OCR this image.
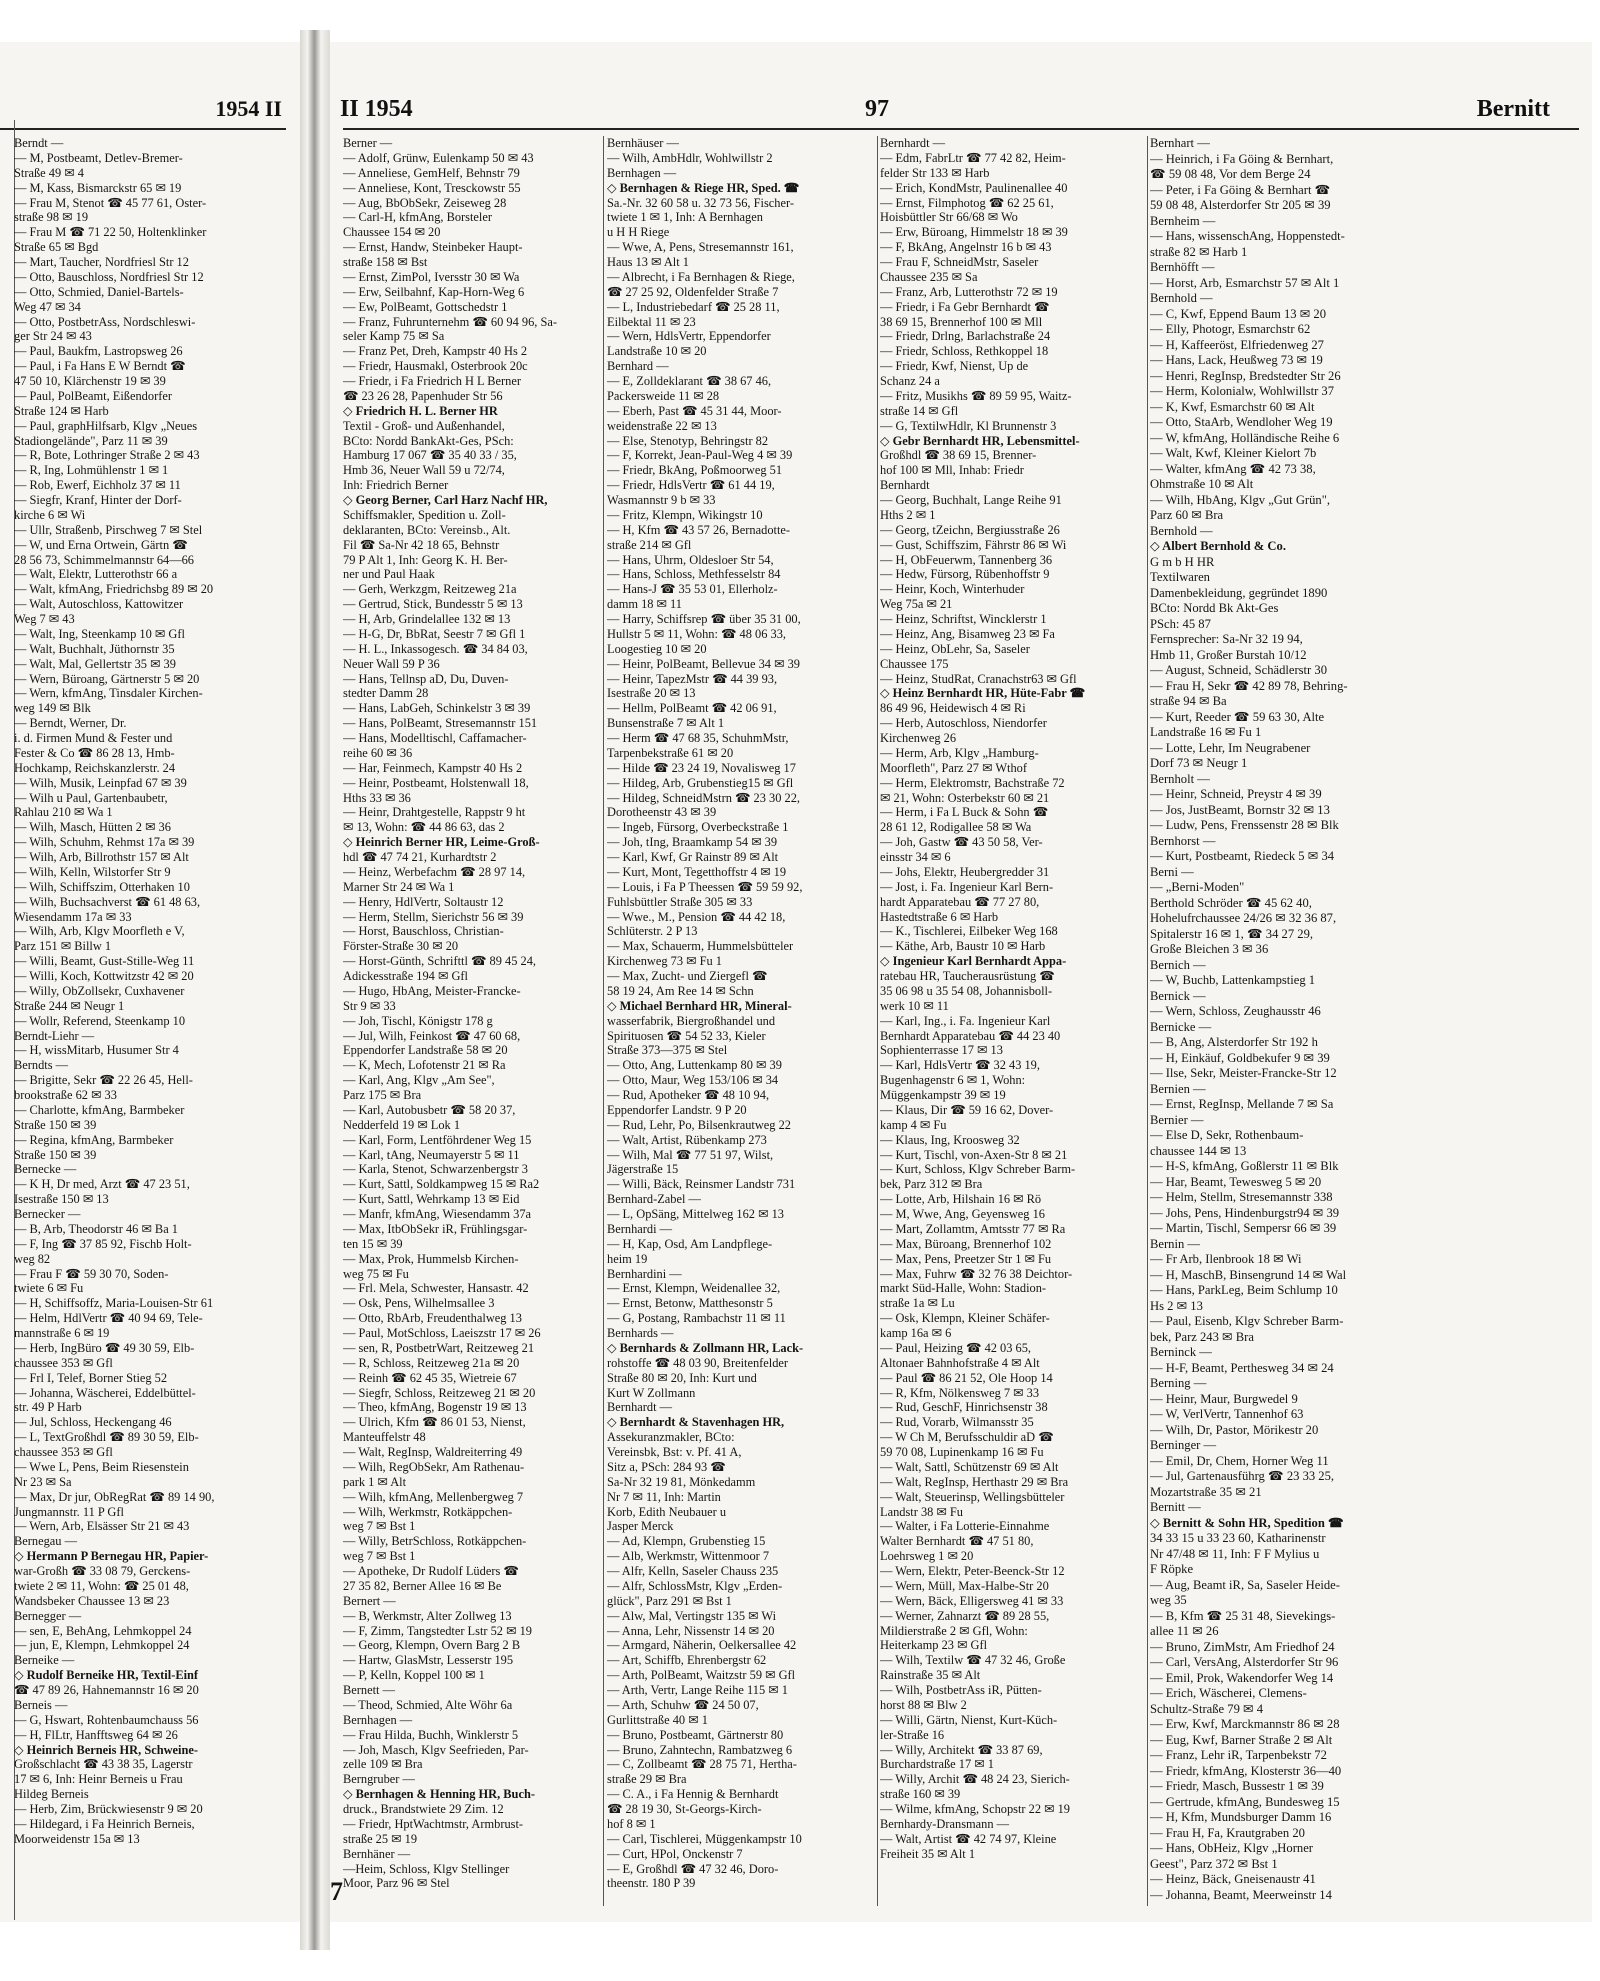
1954 II II 1954	97	Bernitt
Berndt —
— M, Postbeamt, Detlev-Bremer-
Straße 49 ✉ 4
— M, Kass, Bismarckstr 65 ✉ 19
— Frau M, Stenot ☎ 45 77 61, Oster-
straße 98 ✉ 19
— Frau M ☎ 71 22 50, Holtenklinker
Straße 65 ✉ Bgd
— Mart, Taucher, Nordfriesl Str 12
— Otto, Bauschloss, Nordfriesl Str 12
— Otto, Schmied, Daniel-Bartels-
Weg 47 ✉ 34
— Otto, PostbetrAss, Nordschleswi-
ger Str 24 ✉ 43
— Paul, Baukfm, Lastropsweg 26
— Paul, i Fa Hans E W Berndt ☎
47 50 10, Klärchenstr 19 ✉ 39
— Paul, PolBeamt, Eißendorfer
Straße 124 ✉ Harb
— Paul, graphHilfsarb, Klgv „Neues
Stadiongelände", Parz 11 ✉ 39
— R, Bote, Lothringer Straße 2 ✉ 43
— R, Ing, Lohmühlenstr 1 ✉ 1
— Rob, Ewerf, Eichholz 37 ✉ 11
— Siegfr, Kranf, Hinter der Dorf-
kirche 6 ✉ Wi
— Ullr, Straßenb, Pirschweg 7 ✉ Stel
— W, und Erna Ortwein, Gärtn ☎
28 56 73, Schimmelmannstr 64—66
— Walt, Elektr, Lutterothstr 66 a
— Walt, kfmAng, Friedrichsbg 89 ✉ 20
— Walt, Autoschloss, Kattowitzer
Weg 7 ✉ 43
— Walt, Ing, Steenkamp 10 ✉ Gfl
— Walt, Buchhalt, Jüthornstr 35
— Walt, Mal, Gellertstr 35 ✉ 39
— Wern, Büroang, Gärtnerstr 5 ✉ 20
— Wern, kfmAng, Tinsdaler Kirchen-
weg 149 ✉ Blk
— Berndt, Werner, Dr.
i. d. Firmen Mund & Fester und
Fester & Co ☎ 86 28 13, Hmb-
Hochkamp, Reichskanzlerstr. 24
— Wilh, Musik, Leinpfad 67 ✉ 39
— Wilh u Paul, Gartenbaubetr,
Rahlau 210 ✉ Wa 1
— Wilh, Masch, Hütten 2 ✉ 36
— Wilh, Schuhm, Rehmst 17a ✉ 39
— Wilh, Arb, Billrothstr 157 ✉ Alt
— Wilh, Kelln, Wilstorfer Str 9
— Wilh, Schiffszim, Otterhaken 10
— Wilh, Buchsachverst ☎ 61 48 63,
Wiesendamm 17a ✉ 33
— Wilh, Arb, Klgv Moorfleth e V,
Parz 151 ✉ Billw 1
— Willi, Beamt, Gust-Stille-Weg 11
— Willi, Koch, Kottwitzstr 42 ✉ 20
— Willy, ObZollsekr, Cuxhavener
Straße 244 ✉ Neugr 1
— Wollr, Referend, Steenkamp 10
Berndt-Liehr —
— H, wissMitarb, Husumer Str 4
Berndts —
— Brigitte, Sekr ☎ 22 26 45, Hell-
brookstraße 62 ✉ 33
— Charlotte, kfmAng, Barmbeker
Straße 150 ✉ 39
— Regina, kfmAng, Barmbeker
Straße 150 ✉ 39
Bernecke —
— K H, Dr med, Arzt ☎ 47 23 51,
Isestraße 150 ✉ 13
Bernecker —
— B, Arb, Theodorstr 46 ✉ Ba 1
— F, Ing ☎ 37 85 92, Fischb Holt-
weg 82
— Frau F ☎ 59 30 70, Soden-
twiete 6 ✉ Fu
— H, Schiffsoffz, Maria-Louisen-Str 61
— Helm, HdlVertr ☎ 40 94 69, Tele-
mannstraße 6 ✉ 19
— Herb, IngBüro ☎ 49 30 59, Elb-
chaussee 353 ✉ Gfl
— Frl I, Telef, Borner Stieg 52
— Johanna, Wäscherei, Eddelbüttel-
str. 49 P Harb
— Jul, Schloss, Heckengang 46
— L, TextGroßhdl ☎ 89 30 59, Elb-
chaussee 353 ✉ Gfl
— Wwe L, Pens, Beim Riesenstein
Nr 23 ✉ Sa
— Max, Dr jur, ObRegRat ☎ 89 14 90,
Jungmannstr. 11 P Gfl
— Wern, Arb, Elsässer Str 21 ✉ 43
Bernegau —
◇ Hermann P Bernegau HR, Papier-
war-Großh ☎ 33 08 79, Gerckens-
twiete 2 ✉ 11, Wohn: ☎ 25 01 48,
Wandsbeker Chaussee 13 ✉ 23
Bernegger —
— sen, E, BehAng, Lehmkoppel 24
— jun, E, Klempn, Lehmkoppel 24
Berneike —
◇ Rudolf Berneike HR, Textil-Einf
☎ 47 89 26, Hahnemannstr 16 ✉ 20
Berneis —
— G, Hswart, Rohtenbaumchauss 56
— H, FlLtr, Hanfftsweg 64 ✉ 26
◇ Heinrich Berneis HR, Schweine-
Großschlacht ☎ 43 38 35, Lagerstr
17 ✉ 6, Inh: Heinr Berneis u Frau
Hildeg Berneis
— Herb, Zim, Brückwiesenstr 9 ✉ 20
— Hildegard, i Fa Heinrich Berneis,
Moorweidenstr 15a ✉ 13
Berner —
— Adolf, Grünw, Eulenkamp 50 ✉ 43
— Anneliese, GemHelf, Behnstr 79
— Anneliese, Kont, Tresckowstr 55
— Aug, BbObSekr, Zeiseweg 28
— Carl-H, kfmAng, Borsteler
Chaussee 154 ✉ 20
— Ernst, Handw, Steinbeker Haupt-
straße 158 ✉ Bst
— Ernst, ZimPol, Iversstr 30 ✉ Wa
— Erw, Seilbahnf, Kap-Horn-Weg 6
— Ew, PolBeamt, Gottschedstr 1
— Franz, Fuhrunternehm ☎ 60 94 96, Sa-
seler Kamp 75 ✉ Sa
— Franz Pet, Dreh, Kampstr 40 Hs 2
— Friedr, Hausmakl, Osterbrook 20c
— Friedr, i Fa Friedrich H L Berner
☎ 23 26 28, Papenhuder Str 56
◇ Friedrich H. L. Berner HR
Textil - Groß- und Außenhandel,
BCto: Nordd BankAkt-Ges, PSch:
Hamburg 17 067 ☎ 35 40 33 / 35,
Hmb 36, Neuer Wall 59 u 72/74,
Inh: Friedrich Berner
◇ Georg Berner, Carl Harz Nachf HR,
Schiffsmakler, Spedition u. Zoll-
deklaranten, BCto: Vereinsb., Alt.
Fil ☎ Sa-Nr 42 18 65, Behnstr
79 P Alt 1, Inh: Georg K. H. Ber-
ner und Paul Haak
— Gerh, Werkzgm, Reitzeweg 21a
— Gertrud, Stick, Bundesstr 5 ✉ 13
— H, Arb, Grindelallee 132 ✉ 13
— H-G, Dr, BbRat, Seestr 7 ✉ Gfl 1
— H. L., Inkassogesch. ☎ 34 84 03,
Neuer Wall 59 P 36
— Hans, Tellnsp aD, Du, Duven-
stedter Damm 28
— Hans, LabGeh, Schinkelstr 3 ✉ 39
— Hans, PolBeamt, Stresemannstr 151
— Hans, Modelltischl, Caffamacher-
reihe 60 ✉ 36
— Har, Feinmech, Kampstr 40 Hs 2
— Heinr, Postbeamt, Holstenwall 18,
Hths 33 ✉ 36
— Heinr, Drahtgestelle, Rappstr 9 ht
✉ 13, Wohn: ☎ 44 86 63, das 2
◇ Heinrich Berner HR, Leime-Groß-
hdl ☎ 47 74 21, Kurhardtstr 2
— Heinz, Werbefachm ☎ 28 97 14,
Marner Str 24 ✉ Wa 1
— Henry, HdlVertr, Soltaustr 12
— Herm, Stellm, Sierichstr 56 ✉ 39
— Horst, Bauschloss, Christian-
Förster-Straße 30 ✉ 20
— Horst-Günth, Schrifttl ☎ 89 45 24,
Adickesstraße 194 ✉ Gfl
— Hugo, HbAng, Meister-Francke-
Str 9 ✉ 33
— Joh, Tischl, Königstr 178 g
— Jul, Wilh, Feinkost ☎ 47 60 68,
Eppendorfer Landstraße 58 ✉ 20
— K, Mech, Lofotenstr 21 ✉ Ra
— Karl, Ang, Klgv „Am See",
Parz 175 ✉ Bra
— Karl, Autobusbetr ☎ 58 20 37,
Nedderfeld 19 ✉ Lok 1
— Karl, Form, Lentföhrdener Weg 15
— Karl, tAng, Neumayerstr 5 ✉ 11
— Karla, Stenot, Schwarzenbergstr 3
— Kurt, Sattl, Soldkampweg 15 ✉ Ra2
— Kurt, Sattl, Wehrkamp 13 ✉ Eid
— Manfr, kfmAng, Wiesendamm 37a
— Max, ItbObSekr iR, Frühlingsgar-
ten 15 ✉ 39
— Max, Prok, Hummelsb Kirchen-
weg 75 ✉ Fu
— Frl. Mela, Schwester, Hansastr. 42
— Osk, Pens, Wilhelmsallee 3
— Otto, RbArb, Freudenthalweg 13
— Paul, MotSchloss, Laeiszstr 17 ✉ 26
— sen, R, PostbetrWart, Reitzeweg 21
— R, Schloss, Reitzeweg 21a ✉ 20
— Reinh ☎ 62 45 35, Wietreie 67
— Siegfr, Schloss, Reitzeweg 21 ✉ 20
— Theo, kfmAng, Bogenstr 19 ✉ 13
— Ulrich, Kfm ☎ 86 01 53, Nienst,
Manteuffelstr 48
— Walt, RegInsp, Waldreiterring 49
— Wilh, RegObSekr, Am Rathenau-
park 1 ✉ Alt
— Wilh, kfmAng, Mellenbergweg 7
— Wilh, Werkmstr, Rotkäppchen-
weg 7 ✉ Bst 1
— Willy, BetrSchloss, Rotkäppchen-
weg 7 ✉ Bst 1
— Apotheke, Dr Rudolf Lüders ☎
27 35 82, Berner Allee 16 ✉ Be
Bernert —
— B, Werkmstr, Alter Zollweg 13
— F, Zimm, Tangstedter Lstr 52 ✉ 19
— Georg, Klempn, Overn Barg 2 B
— Hartw, GlasMstr, Lesserstr 195
— P, Kelln, Koppel 100 ✉ 1
Bernett —
— Theod, Schmied, Alte Wöhr 6a
Bernhagen —
— Frau Hilda, Buchh, Winklerstr 5
— Joh, Masch, Klgv Seefrieden, Par-
zelle 109 ✉ Bra
Berngruber —
◇ Bernhagen & Henning HR, Buch-
druck., Brandstwiete 29 Zim. 12
— Friedr, HptWachtmstr, Armbrust-
straße 25 ✉ 19
Bernhäner —
—Heim, Schloss, Klgv Stellinger
Moor, Parz 96 ✉ Stel
Bernhäuser —
— Wilh, AmbHdlr, Wohlwillstr 2
Bernhagen —
◇ Bernhagen & Riege HR, Sped. ☎
Sa.-Nr. 32 60 58 u. 32 73 56, Fischer-
twiete 1 ✉ 1, Inh: A Bernhagen
u H H Riege
— Wwe, A, Pens, Stresemannstr 161,
Haus 13 ✉ Alt 1
— Albrecht, i Fa Bernhagen & Riege,
☎ 27 25 92, Oldenfelder Straße 7
— L, Industriebedarf ☎ 25 28 11,
Eilbektal 11 ✉ 23
— Wern, HdlsVertr, Eppendorfer
Landstraße 10 ✉ 20
Bernhard —
— E, Zolldeklarant ☎ 38 67 46,
Packersweide 11 ✉ 28
— Eberh, Past ☎ 45 31 44, Moor-
weidenstraße 22 ✉ 13
— Else, Stenotyp, Behringstr 82
— F, Korrekt, Jean-Paul-Weg 4 ✉ 39
— Friedr, BkAng, Poßmoorweg 51
— Friedr, HdlsVertr ☎ 61 44 19,
Wasmannstr 9 b ✉ 33
— Fritz, Klempn, Wikingstr 10
— H, Kfm ☎ 43 57 26, Bernadotte-
straße 214 ✉ Gfl
— Hans, Uhrm, Oldesloer Str 54,
— Hans, Schloss, Methfesselstr 84
— Hans-J ☎ 35 53 01, Ellerholz-
damm 18 ✉ 11
— Harry, Schiffsrep ☎ über 35 31 00,
Hullstr 5 ✉ 11, Wohn: ☎ 48 06 33,
Loogestieg 10 ✉ 20
— Heinr, PolBeamt, Bellevue 34 ✉ 39
— Heinr, TapezMstr ☎ 44 39 93,
Isestraße 20 ✉ 13
— Hellm, PolBeamt ☎ 42 06 91,
Bunsenstraße 7 ✉ Alt 1
— Herm ☎ 47 68 35, SchuhmMstr,
Tarpenbekstraße 61 ✉ 20
— Hilde ☎ 23 24 19, Novalisweg 17
— Hildeg, Arb, Grubenstieg15 ✉ Gfl
— Hildeg, SchneidMstrn ☎ 23 30 22,
Dorotheenstr 43 ✉ 39
— Ingeb, Fürsorg, Overbeckstraße 1
— Joh, tIng, Braamkamp 54 ✉ 39
— Karl, Kwf, Gr Rainstr 89 ✉ Alt
— Kurt, Mont, Tegetthoffstr 4 ✉ 19
— Louis, i Fa P Theessen ☎ 59 59 92,
Fuhlsbüttler Straße 305 ✉ 33
— Wwe., M., Pension ☎ 44 42 18,
Schlüterstr. 2 P 13
— Max, Schauerm, Hummelsbütteler
Kirchenweg 73 ✉ Fu 1
— Max, Zucht- und Ziergefl ☎
58 19 24, Am Ree 14 ✉ Schn
◇ Michael Bernhard HR, Mineral-
wasserfabrik, Biergroßhandel und
Spirituosen ☎ 54 52 33, Kieler
Straße 373—375 ✉ Stel
— Otto, Ang, Luttenkamp 80 ✉ 39
— Otto, Maur, Weg 153/106 ✉ 34
— Rud, Apotheker ☎ 48 10 94,
Eppendorfer Landstr. 9 P 20
— Rud, Lehr, Po, Bilsenkrautweg 22
— Walt, Artist, Rübenkamp 273
— Wilh, Mal ☎ 77 51 97, Wilst,
Jägerstraße 15
— Willi, Bäck, Reinsmer Landstr 731
Bernhard-Zabel —
— L, OpSäng, Mittelweg 162 ✉ 13
Bernhardi —
— H, Kap, Osd, Am Landpflege-
heim 19
Bernhardini —
— Ernst, Klempn, Weidenallee 32,
— Ernst, Betonw, Matthesonstr 5
— G, Postang, Rambachstr 11 ✉ 11
Bernhards —
◇ Bernhards & Zollmann HR, Lack-
rohstoffe ☎ 48 03 90, Breitenfelder
Straße 80 ✉ 20, Inh: Kurt und
Kurt W Zollmann
Bernhardt —
◇ Bernhardt & Stavenhagen HR,
Assekuranzmakler, BCto:
Vereinsbk, Bst: v. Pf. 41 A,
Sitz a, PSch: 284 93 ☎
Sa-Nr 32 19 81, Mönkedamm
Nr 7 ✉ 11, Inh: Martin
Korb, Edith Neubauer u
Jasper Merck
— Ad, Klempn, Grubenstieg 15
— Alb, Werkmstr, Wittenmoor 7
— Alfr, Kelln, Saseler Chauss 235
— Alfr, SchlossMstr, Klgv „Erden-
glück", Parz 291 ✉ Bst 1
— Alw, Mal, Vertingstr 135 ✉ Wi
— Anna, Lehr, Nissenstr 14 ✉ 20
— Armgard, Näherin, Oelkersallee 42
— Art, Schiffb, Ehrenbergstr 62
— Arth, PolBeamt, Waitzstr 59 ✉ Gfl
— Arth, Vertr, Lange Reihe 115 ✉ 1
— Arth, Schuhw ☎ 24 50 07,
Gurlittstraße 40 ✉ 1
— Bruno, Postbeamt, Gärtnerstr 80
— Bruno, Zahntechn, Rambatzweg 6
— C, Zollbeamt ☎ 28 75 71, Hertha-
straße 29 ✉ Bra
— C. A., i Fa Hennig & Bernhardt
☎ 28 19 30, St-Georgs-Kirch-
hof 8 ✉ 1
— Carl, Tischlerei, Müggenkampstr 10
— Curt, HPol, Onckenstr 7
— E, Großhdl ☎ 47 32 46, Doro-
theenstr. 180 P 39
Bernhardt —
— Edm, FabrLtr ☎ 77 42 82, Heim-
felder Str 133 ✉ Harb
— Erich, KondMstr, Paulinenallee 40
— Ernst, Filmphotog ☎ 62 25 61,
Hoisbüttler Str 66/68 ✉ Wo
— Erw, Büroang, Himmelstr 18 ✉ 39
— F, BkAng, Angelnstr 16 b ✉ 43
— Frau F, SchneidMstr, Saseler
Chaussee 235 ✉ Sa
— Franz, Arb, Lutterothstr 72 ✉ 19
— Friedr, i Fa Gebr Bernhardt ☎
38 69 15, Brennerhof 100 ✉ Mll
— Friedr, Drlng, Barlachstraße 24
— Friedr, Schloss, Rethkoppel 18
— Friedr, Kwf, Nienst, Up de
Schanz 24 a
— Fritz, Musikhs ☎ 89 59 95, Waitz-
straße 14 ✉ Gfl
— G, TextilwHdlr, Kl Brunnenstr 3
◇ Gebr Bernhardt HR, Lebensmittel-
Großhdl ☎ 38 69 15, Brenner-
hof 100 ✉ Mll, Inhab: Friedr
Bernhardt
— Georg, Buchhalt, Lange Reihe 91
Hths 2 ✉ 1
— Georg, tZeichn, Bergiusstraße 26
— Gust, Schiffszim, Fährstr 86 ✉ Wi
— H, ObFeuerwm, Tannenberg 36
— Hedw, Fürsorg, Rübenhoffstr 9
— Heinr, Koch, Winterhuder
Weg 75a ✉ 21
— Heinz, Schriftst, Wincklerstr 1
— Heinz, Ang, Bisamweg 23 ✉ Fa
— Heinz, ObLehr, Sa, Saseler
Chaussee 175
— Heinz, StudRat, Cranachstr63 ✉ Gfl
◇ Heinz Bernhardt HR, Hüte-Fabr ☎
86 49 96, Heidewisch 4 ✉ Ri
— Herb, Autoschloss, Niendorfer
Kirchenweg 26
— Herm, Arb, Klgv „Hamburg-
Moorfleth", Parz 27 ✉ Wthof
— Herm, Elektromstr, Bachstraße 72
✉ 21, Wohn: Osterbekstr 60 ✉ 21
— Herm, i Fa L Buck & Sohn ☎
28 61 12, Rodigallee 58 ✉ Wa
— Joh, Gastw ☎ 43 50 58, Ver-
einsstr 34 ✉ 6
— Johs, Elektr, Heubergredder 31
— Jost, i. Fa. Ingenieur Karl Bern-
hardt Apparatebau ☎ 77 27 80,
Hastedtstraße 6 ✉ Harb
— K., Tischlerei, Eilbeker Weg 168
— Käthe, Arb, Baustr 10 ✉ Harb
◇ Ingenieur Karl Bernhardt Appa-
ratebau HR, Taucherausrüstung ☎
35 06 98 u 35 54 08, Johannisboll-
werk 10 ✉ 11
— Karl, Ing., i. Fa. Ingenieur Karl
Bernhardt Apparatebau ☎ 44 23 40
Sophienterrasse 17 ✉ 13
— Karl, HdlsVertr ☎ 32 43 19,
Bugenhagenstr 6 ✉ 1, Wohn:
Müggenkampstr 39 ✉ 19
— Klaus, Dir ☎ 59 16 62, Dover-
kamp 4 ✉ Fu
— Klaus, Ing, Kroosweg 32
— Kurt, Tischl, von-Axen-Str 8 ✉ 21
— Kurt, Schloss, Klgv Schreber Barm-
bek, Parz 312 ✉ Bra
— Lotte, Arb, Hilshain 16 ✉ Rö
— M, Wwe, Ang, Geyensweg 16
— Mart, Zollamtm, Amtsstr 77 ✉ Ra
— Max, Büroang, Brennerhof 102
— Max, Pens, Preetzer Str 1 ✉ Fu
— Max, Fuhrw ☎ 32 76 38 Deichtor-
markt Süd-Halle, Wohn: Stadion-
straße 1a ✉ Lu
— Osk, Klempn, Kleiner Schäfer-
kamp 16a ✉ 6
— Paul, Heizing ☎ 42 03 65,
Altonaer Bahnhofstraße 4 ✉ Alt
— Paul ☎ 86 21 52, Ole Hoop 14
— R, Kfm, Nölkensweg 7 ✉ 33
— Rud, GeschF, Hinrichsenstr 38
— Rud, Vorarb, Wilmansstr 35
— W Ch M, Berufsschuldir aD ☎
59 70 08, Lupinenkamp 16 ✉ Fu
— Walt, Sattl, Schützenstr 69 ✉ Alt
— Walt, RegInsp, Herthastr 29 ✉ Bra
— Walt, Steuerinsp, Wellingsbütteler
Landstr 38 ✉ Fu
— Walter, i Fa Lotterie-Einnahme
Walter Bernhardt ☎ 47 51 80,
Loehrsweg 1 ✉ 20
— Wern, Elektr, Peter-Beenck-Str 12
— Wern, Müll, Max-Halbe-Str 20
— Wern, Bäck, Elligersweg 41 ✉ 33
— Werner, Zahnarzt ☎ 89 28 55,
Mildierstraße 2 ✉ Gfl, Wohn:
Heiterkamp 23 ✉ Gfl
— Wilh, Textilw ☎ 47 32 46, Große
Rainstraße 35 ✉ Alt
— Wilh, PostbetrAss iR, Pütten-
horst 88 ✉ Blw 2
— Willi, Gärtn, Nienst, Kurt-Küch-
ler-Straße 16
— Willy, Architekt ☎ 33 87 69,
Burchardstraße 17 ✉ 1
— Willy, Archit ☎ 48 24 23, Sierich-
straße 160 ✉ 39
— Wilme, kfmAng, Schopstr 22 ✉ 19
Bernhardy-Dransmann —
— Walt, Artist ☎ 42 74 97, Kleine
Freiheit 35 ✉ Alt 1
Bernhart —
— Heinrich, i Fa Göing & Bernhart,
☎ 59 08 48, Vor dem Berge 24
— Peter, i Fa Göing & Bernhart ☎
59 08 48, Alsterdorfer Str 205 ✉ 39
Bernheim —
— Hans, wissenschAng, Hoppenstedt-
straße 82 ✉ Harb 1
Bernhöfft —
— Horst, Arb, Esmarchstr 57 ✉ Alt 1
Bernhold —
— C, Kwf, Eppend Baum 13 ✉ 20
— Elly, Photogr, Esmarchstr 62
— H, Kaffeeröst, Elfriedenweg 27
— Hans, Lack, Heußweg 73 ✉ 19
— Henri, RegInsp, Bredstedter Str 26
— Herm, Kolonialw, Wohlwillstr 37
— K, Kwf, Esmarchstr 60 ✉ Alt
— Otto, StaArb, Wendloher Weg 19
— W, kfmAng, Holländische Reihe 6
— Walt, Kwf, Kleiner Kielort 7b
— Walter, kfmAng ☎ 42 73 38,
Ohmstraße 10 ✉ Alt
— Wilh, HbAng, Klgv „Gut Grün",
Parz 60 ✉ Bra
Bernhold —
◇ Albert Bernhold & Co.
G m b H HR
Textilwaren
Damenbekleidung, gegründet 1890
BCto: Nordd Bk Akt-Ges
PSch: 45 87
Fernsprecher: Sa-Nr 32 19 94,
Hmb 11, Großer Burstah 10/12
— August, Schneid, Schädlerstr 30
— Frau H, Sekr ☎ 42 89 78, Behring-
straße 94 ✉ Ba
— Kurt, Reeder ☎ 59 63 30, Alte
Landstraße 16 ✉ Fu 1
— Lotte, Lehr, Im Neugrabener
Dorf 73 ✉ Neugr 1
Bernholt —
— Heinr, Schneid, Preystr 4 ✉ 39
— Jos, JustBeamt, Bornstr 32 ✉ 13
— Ludw, Pens, Frenssenstr 28 ✉ Blk
Bernhorst —
— Kurt, Postbeamt, Riedeck 5 ✉ 34
Berni —
— „Berni-Moden"
Berthold Schröder ☎ 45 62 40,
Hohelufrchaussee 24/26 ✉ 32 36 87,
Spitalerstr 16 ✉ 1, ☎ 34 27 29,
Große Bleichen 3 ✉ 36
Bernich —
— W, Buchb, Lattenkampstieg 1
Bernick —
— Wern, Schloss, Zeughausstr 46
Bernicke —
— B, Ang, Alsterdorfer Str 192 h
— H, Einkäuf, Goldbekufer 9 ✉ 39
— Ilse, Sekr, Meister-Francke-Str 12
Bernien —
— Ernst, RegInsp, Mellande 7 ✉ Sa
Bernier —
— Else D, Sekr, Rothenbaum-
chaussee 144 ✉ 13
— H-S, kfmAng, Goßlerstr 11 ✉ Blk
— Har, Beamt, Tewesweg 5 ✉ 20
— Helm, Stellm, Stresemannstr 338
— Johs, Pens, Hindenburgstr94 ✉ 39
— Martin, Tischl, Sempersr 66 ✉ 39
Bernin —
— Fr Arb, Ilenbrook 18 ✉ Wi
— H, MaschB, Binsengrund 14 ✉ Wal
— Hans, ParkLeg, Beim Schlump 10
Hs 2 ✉ 13
— Paul, Eisenb, Klgv Schreber Barm-
bek, Parz 243 ✉ Bra
Berninck —
— H-F, Beamt, Perthesweg 34 ✉ 24
Berning —
— Heinr, Maur, Burgwedel 9
— W, VerlVertr, Tannenhof 63
— Wilh, Dr, Pastor, Mörikestr 20
Berninger —
— Emil, Dr, Chem, Horner Weg 11
— Jul, Gartenausführg ☎ 23 33 25,
Mozartstraße 35 ✉ 21
Bernitt —
◇ Bernitt & Sohn HR, Spedition ☎
34 33 15 u 33 23 60, Katharinenstr
Nr 47/48 ✉ 11, Inh: F F Mylius u
F Röpke
— Aug, Beamt iR, Sa, Saseler Heide-
weg 35
— B, Kfm ☎ 25 31 48, Sievekings-
allee 11 ✉ 26
— Bruno, ZimMstr, Am Friedhof 24
— Carl, VersAng, Alsterdorfer Str 96
— Emil, Prok, Wakendorfer Weg 14
— Erich, Wäscherei, Clemens-
Schultz-Straße 79 ✉ 4
— Erw, Kwf, Marckmannstr 86 ✉ 28
— Eug, Kwf, Barner Straße 2 ✉ Alt
— Franz, Lehr iR, Tarpenbekstr 72
— Friedr, kfmAng, Klosterstr 36—40
— Friedr, Masch, Bussestr 1 ✉ 39
— Gertrude, kfmAng, Bundesweg 15
— H, Kfm, Mundsburger Damm 16
— Frau H, Fa, Krautgraben 20
— Hans, ObHeiz, Klgv „Horner
Geest", Parz 372 ✉ Bst 1
— Heinz, Bäck, Gneisenaustr 41
— Johanna, Beamt, Meerweinstr 14
7
